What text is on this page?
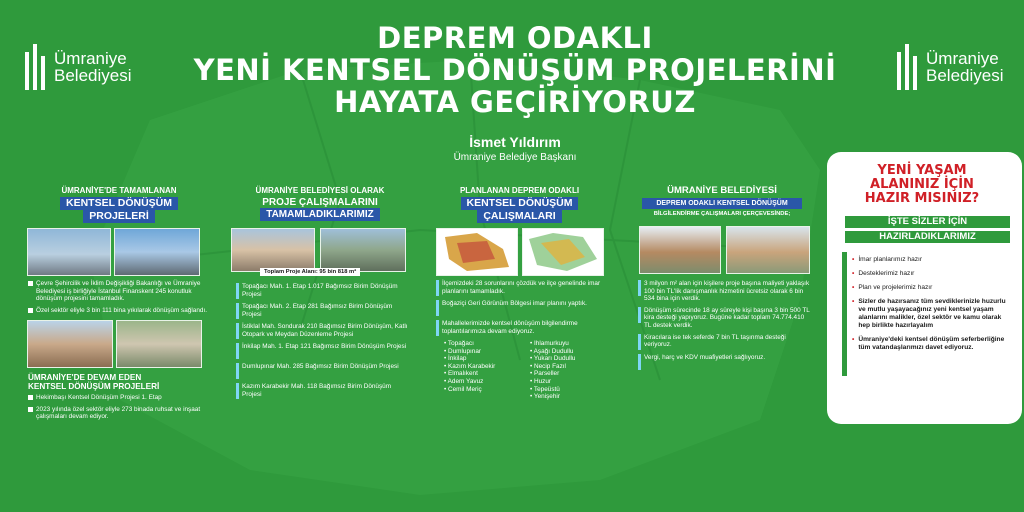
Ümraniye
Belediyesi
Ümraniye
Belediyesi
DEPREM ODAKLI
YENİ KENTSEL DÖNÜŞÜM PROJELERİNİ
HAYATA GEÇİRİYORUZ
İsmet Yıldırım
Ümraniye Belediye Başkanı
ÜMRANİYE'DE TAMAMLANAN
KENTSEL DÖNÜŞÜM
PROJELERİ
Çevre Şehircilik ve İklim Değişikliği Bakanlığı ve Ümraniye Belediyesi iş birliğiyle İstanbul Finanskent 245 konutluk dönüşüm projesini tamamladık.
Özel sektör eliyle 3 bin 111 bina yıkılarak dönüşüm sağlandı.
ÜMRANİYE'DE DEVAM EDEN
KENTSEL DÖNÜŞÜM PROJELERİ
Hekimbaşı Kentsel Dönüşüm Projesi 1. Etap
2023 yılında özel sektör eliyle 273 binada ruhsat ve inşaat çalışmaları devam ediyor.
ÜMRANİYE BELEDİYESİ OLARAK
PROJE ÇALIŞMALARINI
TAMAMLADIKLARIMIZ
Toplam Proje Alanı: 95 bin 818 m²
Topağacı Mah. 1. Etap 1.017 Bağımsız Birim Dönüşüm Projesi
Topağacı Mah. 2. Etap 281 Bağımsız Birim Dönüşüm Projesi
İstiklal Mah. Sondurak 210 Bağımsız Birim Dönüşüm, Katlı Otopark ve Meydan Düzenleme Projesi
İnkilap Mah. 1. Etap 121 Bağımsız Birim Dönüşüm Projesi
Dumlupınar Mah. 285 Bağımsız Birim Dönüşüm Projesi
Kazım Karabekir Mah. 118 Bağımsız Birim Dönüşüm Projesi
PLANLANAN DEPREM ODAKLI
KENTSEL DÖNÜŞÜM
ÇALIŞMALARI
İlçemizdeki 28 sorunlarını çözdük ve ilçe genelinde imar planlarını tamamladık.
Boğaziçi Geri Görünüm Bölgesi imar planını yaptık.
Mahallelerimizde kentsel dönüşüm bilgilendirme toplantılarımıza devam ediyoruz.
• Topağacı
• Dumlupınar
• İnkilap
• Kazım Karabekir
• Elmalıkent
• Adem Yavuz
• Cemil Meriç
• Ihlamurkuyu
• Aşağı Dudullu
• Yukarı Dudullu
• Necip Fazıl
• Parseller
• Huzur
• Tepeüstü
• Yenişehir
ÜMRANİYE BELEDİYESİ
DEPREM ODAKLI KENTSEL DÖNÜŞÜM
BİLGİLENDİRME ÇALIŞMALARI ÇERÇEVESİNDE;
3 milyon m² alan için kişilere proje başına maliyeti yaklaşık 100 bin TL'lik danışmanlık hizmetini ücretsiz olarak 6 bin 534 bina için verdik.
Dönüşüm sürecinde 18 ay süreyle kişi başına 3 bin 500 TL kira desteği yapıyoruz. Bugüne kadar toplam 74.774.410 TL destek verdik.
Kiracılara ise tek seferde 7 bin TL taşınma desteği veriyoruz.
Vergi, harç ve KDV muafiyetleri sağlıyoruz.
YENİ YAŞAM
ALANINIZ İÇİN
HAZIR MISINIZ?
İŞTE SİZLER İÇİN
HAZIRLADIKLARIMIZ
• İmar planlarımız hazır
• Desteklerimiz hazır
• Plan ve projelerimiz hazır
• Sizler de hazırsanız tüm sevdiklerinizle huzurlu ve mutlu yaşayacağınız yeni kentsel yaşam alanlarını malikler, özel sektör ve kamu olarak hep birlikte hazırlayalım
• Ümraniye'deki kentsel dönüşüm seferberliğine tüm vatandaşlarımızı davet ediyoruz.
